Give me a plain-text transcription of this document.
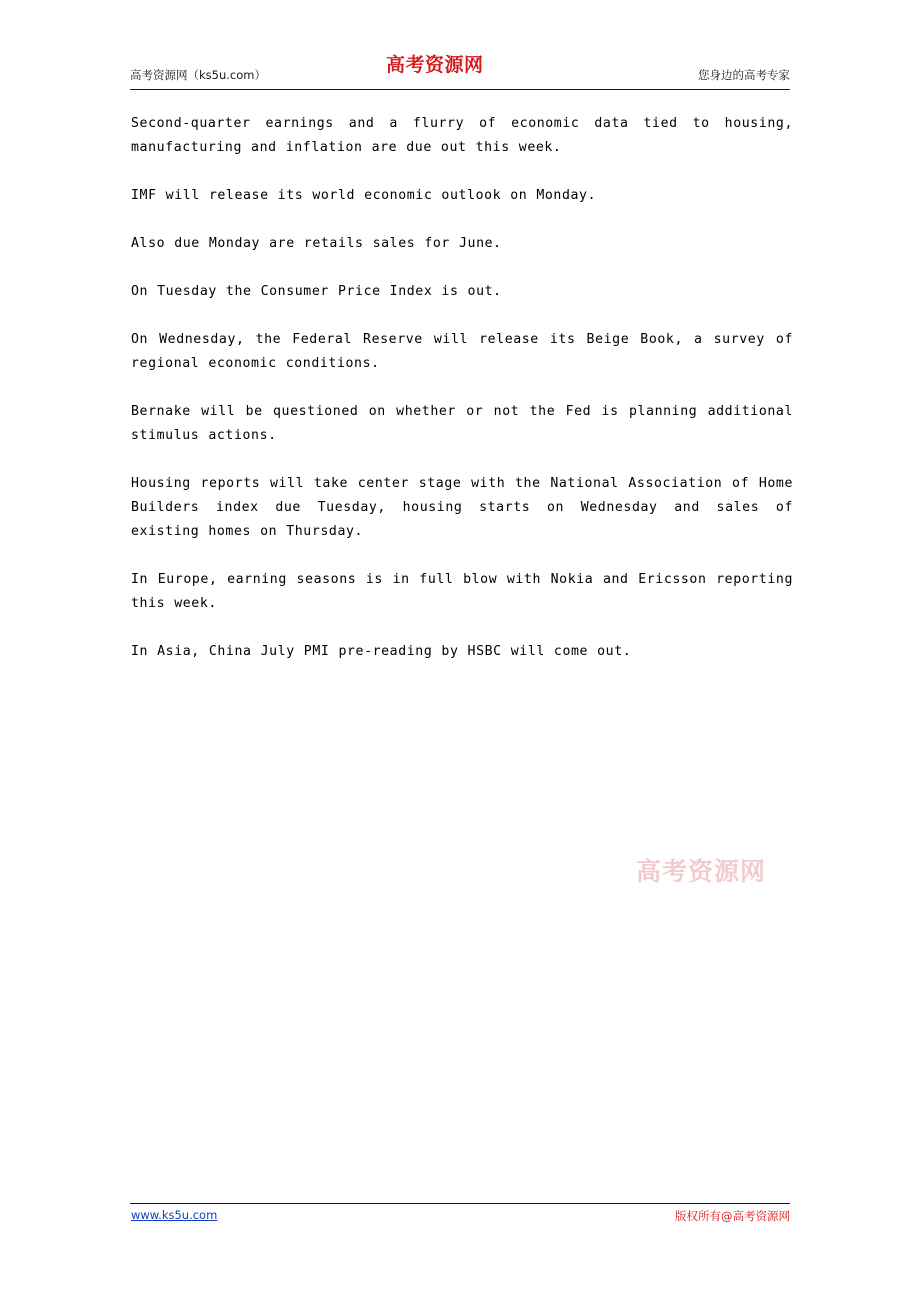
高考资源网（ks5u.com）	高考资源网	您身边的高考专家

Second-quarter earnings and a flurry of economic data tied to housing, manufacturing and inflation are due out this week.

IMF will release its world economic outlook on Monday.

Also due Monday are retails sales for June.

On Tuesday the Consumer Price Index is out.

On Wednesday, the Federal Reserve will release its Beige Book, a survey of regional economic conditions.

Bernake will be questioned on whether or not the Fed is planning additional stimulus actions.

Housing reports will take center stage with the National Association of Home Builders index due Tuesday, housing starts on Wednesday and sales of existing homes on Thursday.

In Europe, earning seasons is in full blow with Nokia and Ericsson reporting this week.

In Asia, China July PMI pre-reading by HSBC will come out.

高考资源网
www.ks5u.com	版权所有@高考资源网
